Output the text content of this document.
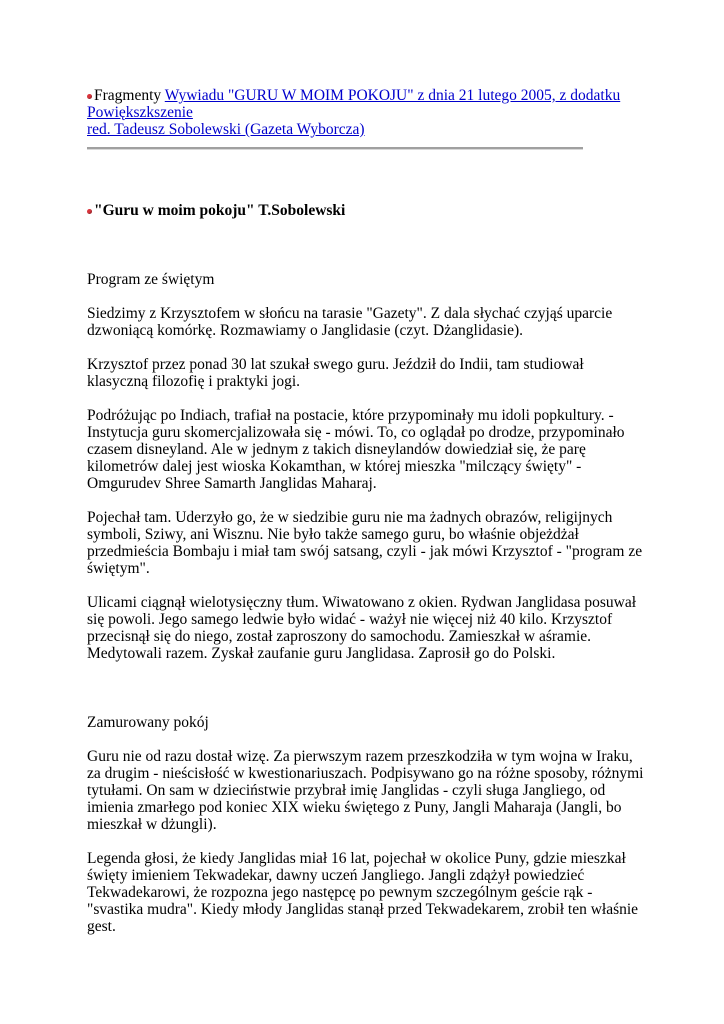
Fragmenty Wywiadu "GURU W MOIM POKOJU" z dnia 21 lutego 2005, z dodatku
Powiększkszenie
red. Tadeusz Sobolewski (Gazeta Wyborcza)
"Guru w moim pokoju" T.Sobolewski

Program ze świętym

Siedzimy z Krzysztofem w słońcu na tarasie "Gazety". Z dala słychać czyjąś uparcie dzwoniącą komórkę. Rozmawiamy o Janglidasie (czyt. Dżanglidasie).

Krzysztof przez ponad 30 lat szukał swego guru. Jeździł do Indii, tam studiował klasyczną filozofię i praktyki jogi.

Podróżując po Indiach, trafiał na postacie, które przypominały mu idoli popkultury. - Instytucja guru skomercjalizowała się - mówi. To, co oglądał po drodze, przypominało czasem disneyland. Ale w jednym z takich disneylandów dowiedział się, że parę kilometrów dalej jest wioska Kokamthan, w której mieszka "milczący święty" - Omgurudev Shree Samarth Janglidas Maharaj.

Pojechał tam. Uderzyło go, że w siedzibie guru nie ma żadnych obrazów, religijnych symboli, Sziwy, ani Wisznu. Nie było także samego guru, bo właśnie objeżdżał przedmieścia Bombaju i miał tam swój satsang, czyli - jak mówi Krzysztof - "program ze świętym".

Ulicami ciągnął wielotysięczny tłum. Wiwatowano z okien. Rydwan Janglidasa posuwał się powoli. Jego samego ledwie było widać - ważył nie więcej niż 40 kilo. Krzysztof przecisnął się do niego, został zaproszony do samochodu. Zamieszkał w aśramie. Medytowali razem. Zyskał zaufanie guru Janglidasa. Zaprosił go do Polski.

Zamurowany pokój

Guru nie od razu dostał wizę. Za pierwszym razem przeszkodziła w tym wojna w Iraku, za drugim - nieścisłość w kwestionariuszach. Podpisywano go na różne sposoby, różnymi tytułami. On sam w dzieciństwie przybrał imię Janglidas - czyli sługa Jangliego, od imienia zmarłego pod koniec XIX wieku świętego z Puny, Jangli Maharaja (Jangli, bo mieszkał w dżungli).

Legenda głosi, że kiedy Janglidas miał 16 lat, pojechał w okolice Puny, gdzie mieszkał święty imieniem Tekwadekar, dawny uczeń Jangliego. Jangli zdążył powiedzieć Tekwadekarowi, że rozpozna jego następcę po pewnym szczególnym geście rąk - "svastika mudra". Kiedy młody Janglidas stanął przed Tekwadekarem, zrobił ten właśnie gest.
